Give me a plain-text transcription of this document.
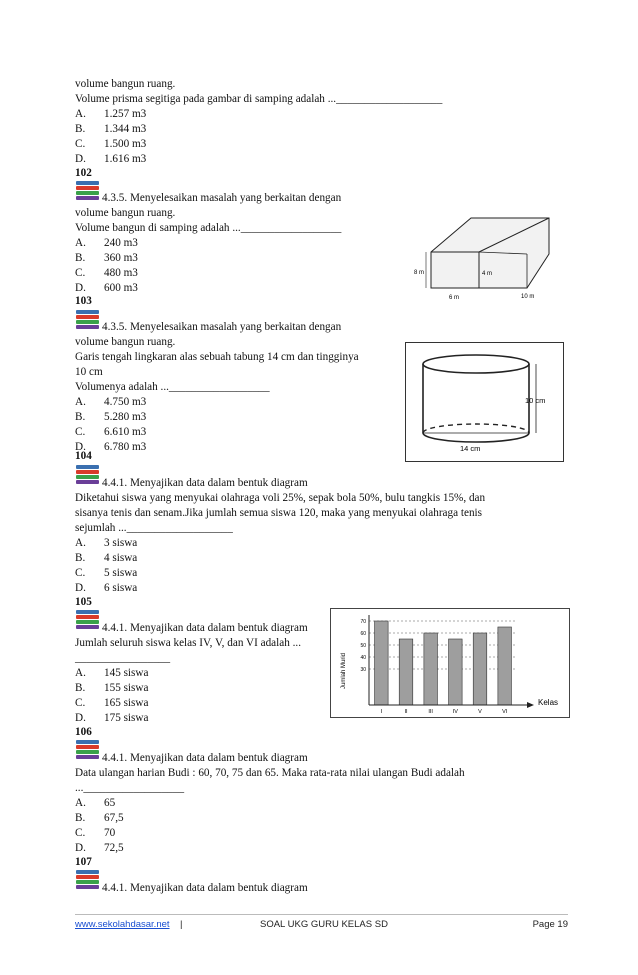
volume bangun ruang.
Volume prisma segitiga pada gambar di samping adalah ...___________________
A. 1.257 m3
B. 1.344 m3
C. 1.500 m3
D. 1.616 m3
102
4.3.5. Menyelesaikan masalah yang berkaitan dengan
volume bangun ruang.
Volume bangun di samping adalah ...__________________
A. 240 m3
B. 360 m3
C. 480 m3
D. 600 m3
8 m	4 m
6 m	10 m
103
4.3.5. Menyelesaikan masalah yang berkaitan dengan
volume bangun ruang.
Garis tengah lingkaran alas sebuah tabung 14 cm dan tingginya
10 cm
Volumenya adalah ...__________________
A. 4.750 m3
B. 5.280 m3
C. 6.610 m3
D. 6.780 m3
10 cm
14 cm
104
4.4.1. Menyajikan data dalam bentuk diagram
Diketahui siswa yang menyukai olahraga voli 25%, sepak bola 50%, bulu tangkis 15%, dan
sisanya tenis dan senam.Jika jumlah semua siswa 120, maka yang menyukai olahraga tenis
sejumlah ...___________________
A. 3 siswa
B. 4 siswa
C. 5 siswa
D. 6 siswa
105
4.4.1. Menyajikan data dalam bentuk diagram
Jumlah seluruh siswa kelas IV, V, dan VI adalah ...
_________________
A. 145 siswa
B. 155 siswa
C. 165 siswa
D. 175 siswa
Jumlah Murid
Kelas
70
60
50
40
30
I	II	III	IV	V	VI
106
4.4.1. Menyajikan data dalam bentuk diagram
Data ulangan harian Budi : 60, 70, 75 dan 65. Maka rata-rata nilai ulangan Budi adalah
...__________________
A. 65
B. 67,5
C. 70
D. 72,5
107
4.4.1. Menyajikan data dalam bentuk diagram
www.sekolahdasar.net |	SOAL UKG GURU KELAS SD	Page 19
